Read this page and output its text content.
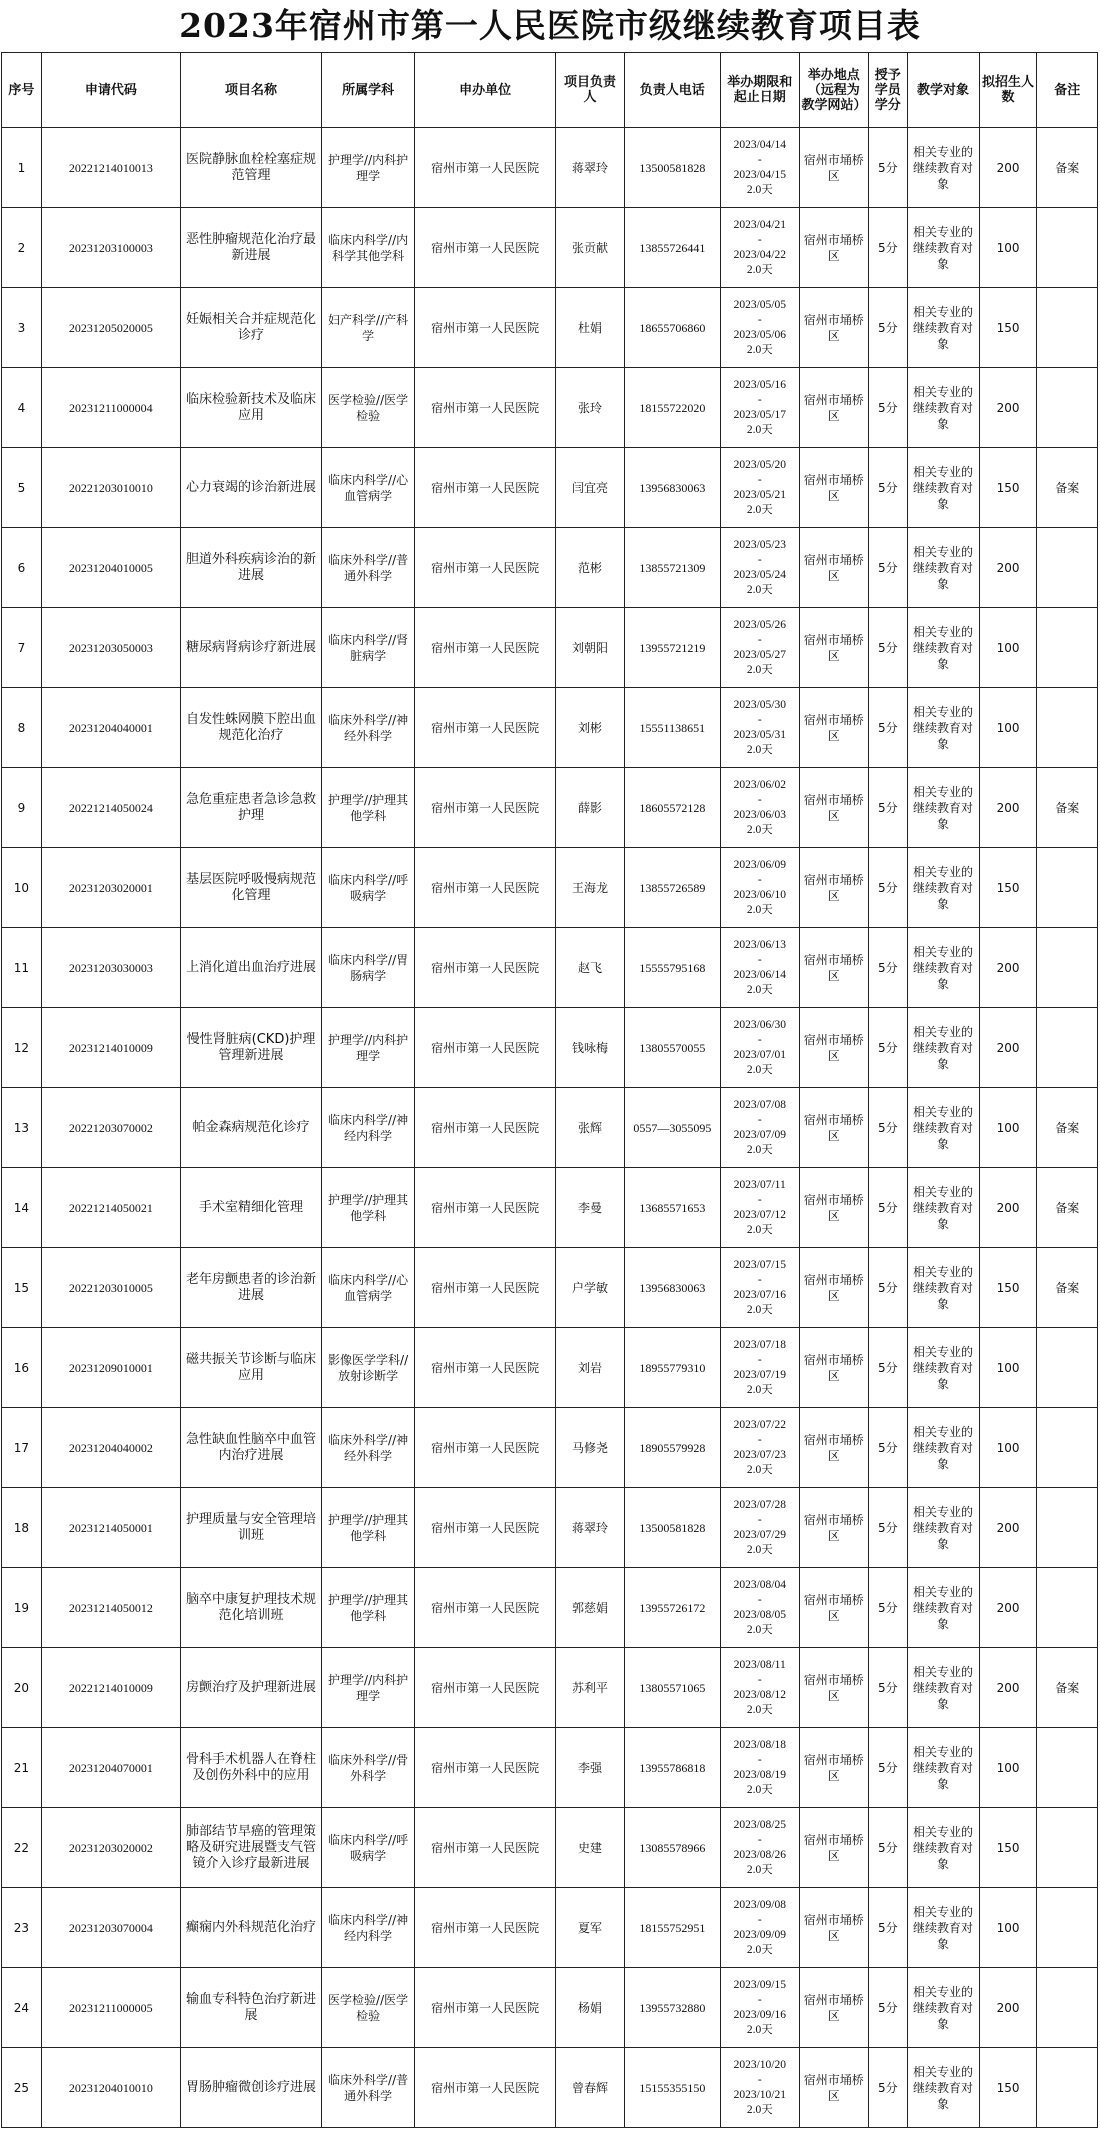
2023年宿州市第一人民医院市级继续教育项目表
序号	申请代码	项目名称	所属学科	申办单位	项目负责人	负责人电话	举办期限和起止日期	举办地点（远程为教学网站）	授予学员学分	教学对象	拟招生人数	备注
1	20221214010013	医院静脉血栓栓塞症规范管理	护理学//内科护理学	宿州市第一人民医院	蒋翠玲	13500581828	2023/04/14
-
2023/04/15
2.0天	宿州市埇桥区	5分	相关专业的继续教育对象	200	备案
2	20231203100003	恶性肿瘤规范化治疗最新进展	临床内科学//内科学其他学科	宿州市第一人民医院	张贡献	13855726441	2023/04/21
-
2023/04/22
2.0天	宿州市埇桥区	5分	相关专业的继续教育对象	100	
3	20231205020005	妊娠相关合并症规范化诊疗	妇产科学//产科学	宿州市第一人民医院	杜娟	18655706860	2023/05/05
-
2023/05/06
2.0天	宿州市埇桥区	5分	相关专业的继续教育对象	150	
4	20231211000004	临床检验新技术及临床应用	医学检验//医学检验	宿州市第一人民医院	张玲	18155722020	2023/05/16
-
2023/05/17
2.0天	宿州市埇桥区	5分	相关专业的继续教育对象	200	
5	20221203010010	心力衰竭的诊治新进展	临床内科学//心血管病学	宿州市第一人民医院	闫宜亮	13956830063	2023/05/20
-
2023/05/21
2.0天	宿州市埇桥区	5分	相关专业的继续教育对象	150	备案
6	20231204010005	胆道外科疾病诊治的新进展	临床外科学//普通外科学	宿州市第一人民医院	范彬	13855721309	2023/05/23
-
2023/05/24
2.0天	宿州市埇桥区	5分	相关专业的继续教育对象	200	
7	20231203050003	糖尿病肾病诊疗新进展	临床内科学//肾脏病学	宿州市第一人民医院	刘朝阳	13955721219	2023/05/26
-
2023/05/27
2.0天	宿州市埇桥区	5分	相关专业的继续教育对象	100	
8	20231204040001	自发性蛛网膜下腔出血规范化治疗	临床外科学//神经外科学	宿州市第一人民医院	刘彬	15551138651	2023/05/30
-
2023/05/31
2.0天	宿州市埇桥区	5分	相关专业的继续教育对象	100	
9	20221214050024	急危重症患者急诊急救护理	护理学//护理其他学科	宿州市第一人民医院	薛影	18605572128	2023/06/02
-
2023/06/03
2.0天	宿州市埇桥区	5分	相关专业的继续教育对象	200	备案
10	20231203020001	基层医院呼吸慢病规范化管理	临床内科学//呼吸病学	宿州市第一人民医院	王海龙	13855726589	2023/06/09
-
2023/06/10
2.0天	宿州市埇桥区	5分	相关专业的继续教育对象	150	
11	20231203030003	上消化道出血治疗进展	临床内科学//胃肠病学	宿州市第一人民医院	赵飞	15555795168	2023/06/13
-
2023/06/14
2.0天	宿州市埇桥区	5分	相关专业的继续教育对象	200	
12	20231214010009	慢性肾脏病(CKD)护理管理新进展	护理学//内科护理学	宿州市第一人民医院	钱咏梅	13805570055	2023/06/30
-
2023/07/01
2.0天	宿州市埇桥区	5分	相关专业的继续教育对象	200	
13	20221203070002	帕金森病规范化诊疗	临床内科学//神经内科学	宿州市第一人民医院	张辉	0557—3055095	2023/07/08
-
2023/07/09
2.0天	宿州市埇桥区	5分	相关专业的继续教育对象	100	备案
14	20221214050021	手术室精细化管理	护理学//护理其他学科	宿州市第一人民医院	李曼	13685571653	2023/07/11
-
2023/07/12
2.0天	宿州市埇桥区	5分	相关专业的继续教育对象	200	备案
15	20221203010005	老年房颤患者的诊治新进展	临床内科学//心血管病学	宿州市第一人民医院	户学敏	13956830063	2023/07/15
-
2023/07/16
2.0天	宿州市埇桥区	5分	相关专业的继续教育对象	150	备案
16	20231209010001	磁共振关节诊断与临床应用	影像医学学科//放射诊断学	宿州市第一人民医院	刘岩	18955779310	2023/07/18
-
2023/07/19
2.0天	宿州市埇桥区	5分	相关专业的继续教育对象	100	
17	20231204040002	急性缺血性脑卒中血管内治疗进展	临床外科学//神经外科学	宿州市第一人民医院	马修尧	18905579928	2023/07/22
-
2023/07/23
2.0天	宿州市埇桥区	5分	相关专业的继续教育对象	100	
18	20231214050001	护理质量与安全管理培训班	护理学//护理其他学科	宿州市第一人民医院	蒋翠玲	13500581828	2023/07/28
-
2023/07/29
2.0天	宿州市埇桥区	5分	相关专业的继续教育对象	200	
19	20231214050012	脑卒中康复护理技术规范化培训班	护理学//护理其他学科	宿州市第一人民医院	郭慈娟	13955726172	2023/08/04
-
2023/08/05
2.0天	宿州市埇桥区	5分	相关专业的继续教育对象	200	
20	20221214010009	房颤治疗及护理新进展	护理学//内科护理学	宿州市第一人民医院	苏利平	13805571065	2023/08/11
-
2023/08/12
2.0天	宿州市埇桥区	5分	相关专业的继续教育对象	200	备案
21	20231204070001	骨科手术机器人在脊柱及创伤外科中的应用	临床外科学//骨外科学	宿州市第一人民医院	李强	13955786818	2023/08/18
-
2023/08/19
2.0天	宿州市埇桥区	5分	相关专业的继续教育对象	100	
22	20231203020002	肺部结节早癌的管理策略及研究进展暨支气管镜介入诊疗最新进展	临床内科学//呼吸病学	宿州市第一人民医院	史建	13085578966	2023/08/25
-
2023/08/26
2.0天	宿州市埇桥区	5分	相关专业的继续教育对象	150	
23	20231203070004	癫痫内外科规范化治疗	临床内科学//神经内科学	宿州市第一人民医院	夏军	18155752951	2023/09/08
-
2023/09/09
2.0天	宿州市埇桥区	5分	相关专业的继续教育对象	100	
24	20231211000005	输血专科特色治疗新进展	医学检验//医学检验	宿州市第一人民医院	杨娟	13955732880	2023/09/15
-
2023/09/16
2.0天	宿州市埇桥区	5分	相关专业的继续教育对象	200	
25	20231204010010	胃肠肿瘤微创诊疗进展	临床外科学//普通外科学	宿州市第一人民医院	曾春辉	15155355150	2023/10/20
-
2023/10/21
2.0天	宿州市埇桥区	5分	相关专业的继续教育对象	150	
